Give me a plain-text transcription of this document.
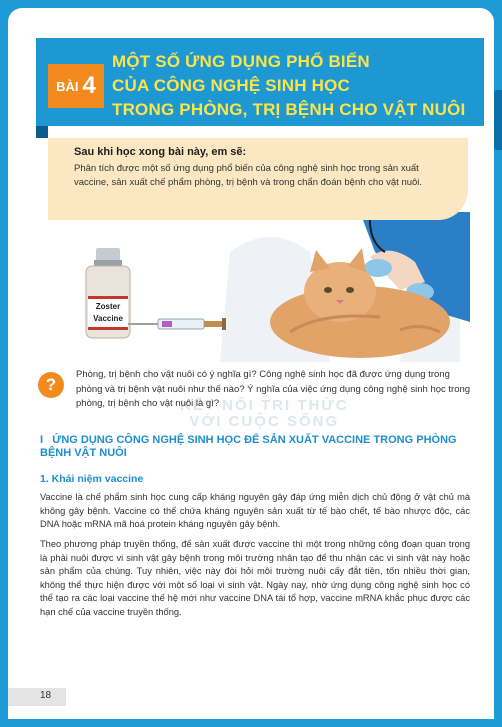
BÀI 4
MỘT SỐ ỨNG DỤNG PHỔ BIẾN
CỦA CÔNG NGHỆ SINH HỌC
TRONG PHÒNG, TRỊ BỆNH CHO VẬT NUÔI
Zoster
Vaccine
KẾT NỐI TRI THỨC
VỚI CUỘC SỐNG
Sau khi học xong bài này, em sẽ:
Phân tích được một số ứng dụng phổ biến của công nghệ sinh học trong sản xuất vaccine, sản xuất chế phẩm phòng, trị bệnh và trong chẩn đoán bệnh cho vật nuôi.
?
Phòng, trị bệnh cho vật nuôi có ý nghĩa gì? Công nghệ sinh học đã được ứng dụng trong phòng và trị bệnh vật nuôi như thế nào? Ý nghĩa của việc ứng dụng công nghệ sinh học trong phòng, trị bệnh cho vật nuôi là gì?
I ỨNG DỤNG CÔNG NGHỆ SINH HỌC ĐỂ SẢN XUẤT VACCINE TRONG PHÒNG BỆNH VẬT NUÔI
1. Khái niệm vaccine
Vaccine là chế phẩm sinh học cung cấp kháng nguyên gây đáp ứng miễn dịch chủ động ở vật chủ mà không gây bệnh. Vaccine có thể chứa kháng nguyên sản xuất từ tế bào chết, tế bào nhược độc, các DNA hoặc mRNA mã hoá protein kháng nguyên gây bệnh.
Theo phương pháp truyền thống, để sản xuất được vaccine thì một trong những công đoạn quan trọng là phải nuôi được vi sinh vật gây bệnh trong môi trường nhân tạo để thu nhận các vi sinh vật này hoặc sản phẩm của chúng. Tuy nhiên, việc này đòi hỏi môi trường nuôi cấy đắt tiền, tốn nhiều thời gian, không thể thực hiện được với một số loại vi sinh vật. Ngày nay, nhờ ứng dụng công nghệ sinh học có thể tạo ra các loại vaccine thế hệ mới như vaccine DNA tái tổ hợp, vaccine mRNA khắc phục được các hạn chế của vaccine truyền thống.
18
